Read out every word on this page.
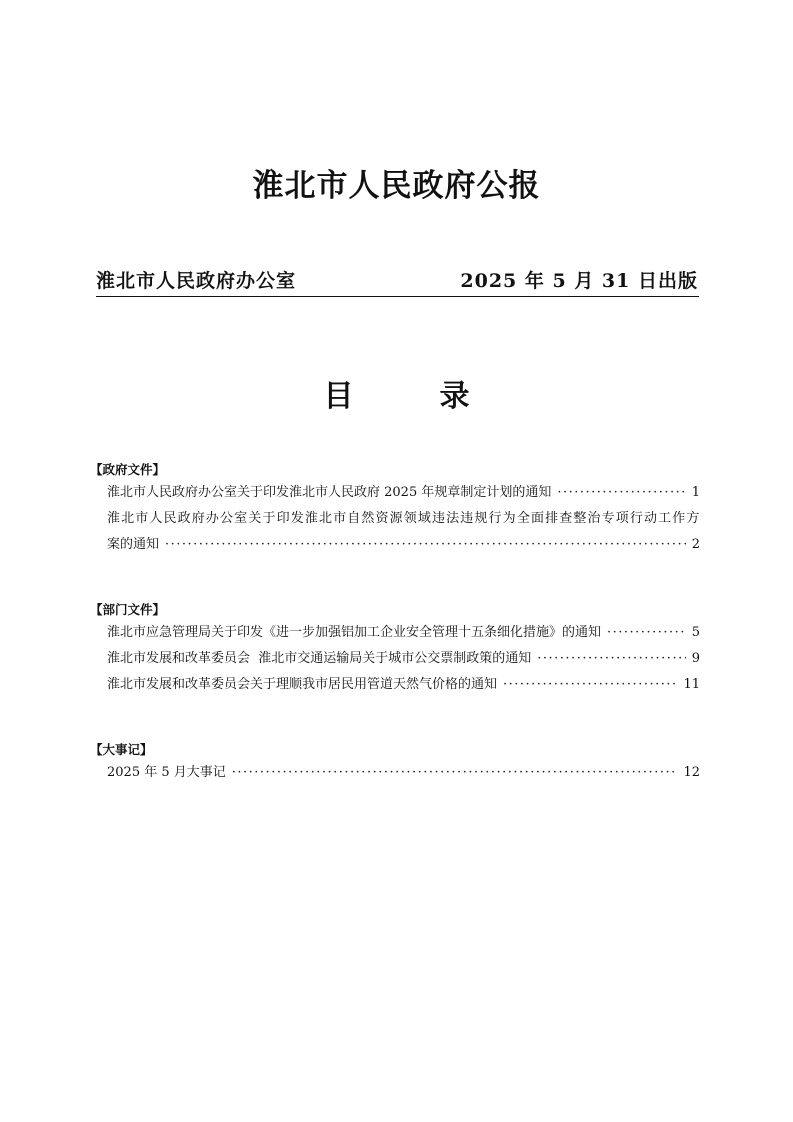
淮北市人民政府公报
淮北市人民政府办公室	2025 年 5 月 31 日出版
目	录
【政府文件】
淮北市人民政府办公室关于印发淮北市人民政府 2025 年规章制定计划的通知 ·····	1
淮北市人民政府办公室关于印发淮北市自然资源领域违法违规行为全面排查整治专项行动工作方
案的通知 ·····	2
【部门文件】
淮北市应急管理局关于印发《进一步加强铝加工企业安全管理十五条细化措施》的通知 ·····	5
淮北市发展和改革委员会  淮北市交通运输局关于城市公交票制政策的通知 ·····	9
淮北市发展和改革委员会关于理顺我市居民用管道天然气价格的通知 ·····	11
【大事记】
2025 年 5 月大事记 ·····	12
